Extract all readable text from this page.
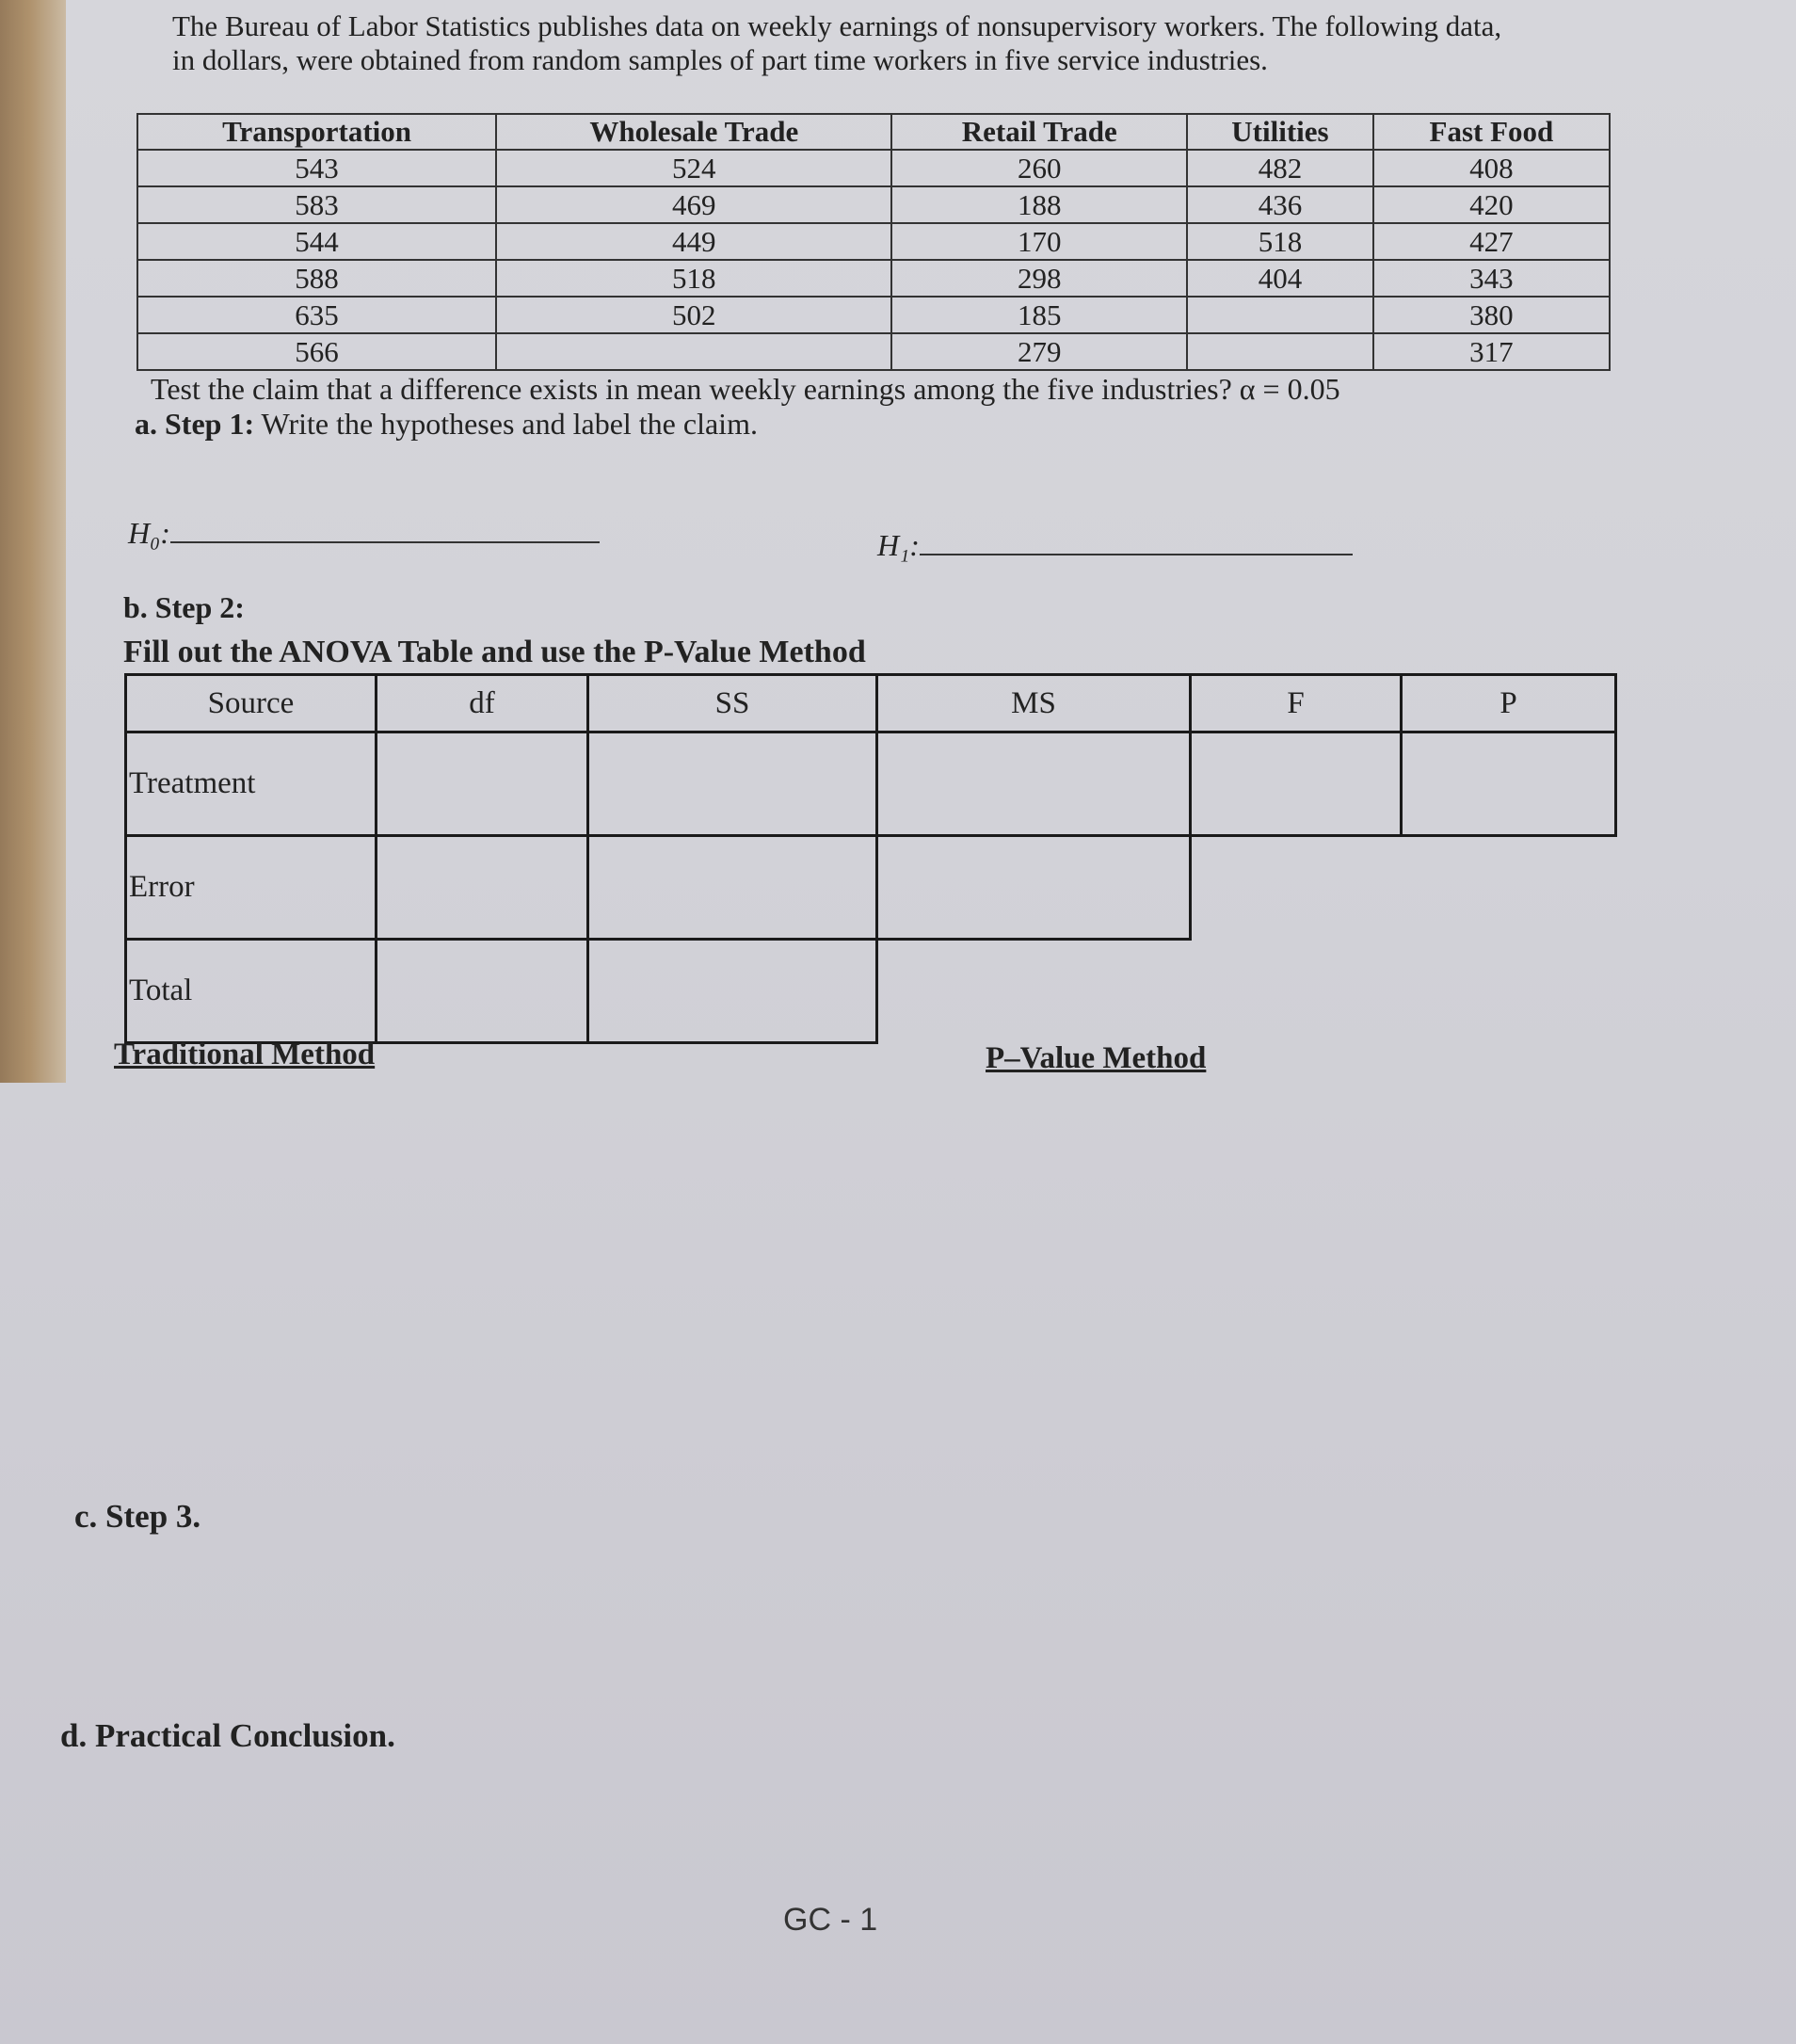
The Bureau of Labor Statistics publishes data on weekly earnings of nonsupervisory workers. The following data, in dollars, were obtained from random samples of part time workers in five service industries.
Transportation	Wholesale Trade	Retail Trade	Utilities	Fast Food
543	524	260	482	408
583	469	188	436	420
544	449	170	518	427
588	518	298	404	343
635	502	185		380
566		279		317
Test the claim that a difference exists in mean weekly earnings among the five industries? α = 0.05
a. Step 1: Write the hypotheses and label the claim.
H₀:	H₁:
b. Step 2:
Fill out the ANOVA Table and use the P-Value Method
Source	df	SS	MS	F	P
Treatment					
Error					
Total					
Traditional Method	P–Value Method
c. Step 3.
d. Practical Conclusion.
GC - 1
